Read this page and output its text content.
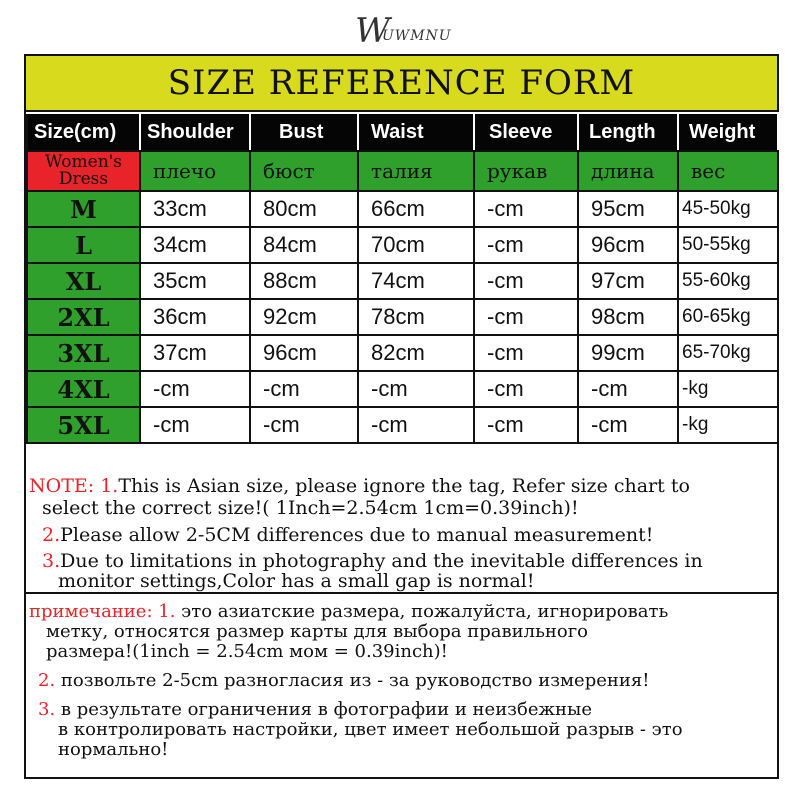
W
UWMNU
SIZE REFERENCE FORM
Size(cm)	Shoulder	Bust	Waist	Sleeve	Length	Weight
Women's Dress	плечо	бюст	талия	рукав	длина	вес
M	33cm	80cm	66cm	-cm	95cm	45-50kg
L	34cm	84cm	70cm	-cm	96cm	50-55kg
XL	35cm	88cm	74cm	-cm	97cm	55-60kg
2XL	36cm	92cm	78cm	-cm	98cm	60-65kg
3XL	37cm	96cm	82cm	-cm	99cm	65-70kg
4XL	-cm	-cm	-cm	-cm	-cm	-kg
5XL	-cm	-cm	-cm	-cm	-cm	-kg
NOTE: 1.This is Asian size, please ignore the tag, Refer size chart to
select the correct size!( 1Inch=2.54cm 1cm=0.39inch)!
2.Please allow 2-5CM differences due to manual measurement!
3.Due to limitations in photography and the inevitable differences in
monitor settings,Color has a small gap is normal!
примечание: 1. это азиатские размера, пожалуйста, игнорировать
метку, относятся размер карты для выбора правильного
размера!(1inch = 2.54cm мом = 0.39inch)!
2. позвольте 2-5cm разногласия из - за руководство измерения!
3. в результате ограничения в фотографии и неизбежные
в контролировать настройки, цвет имеет небольшой разрыв - это
нормально!
